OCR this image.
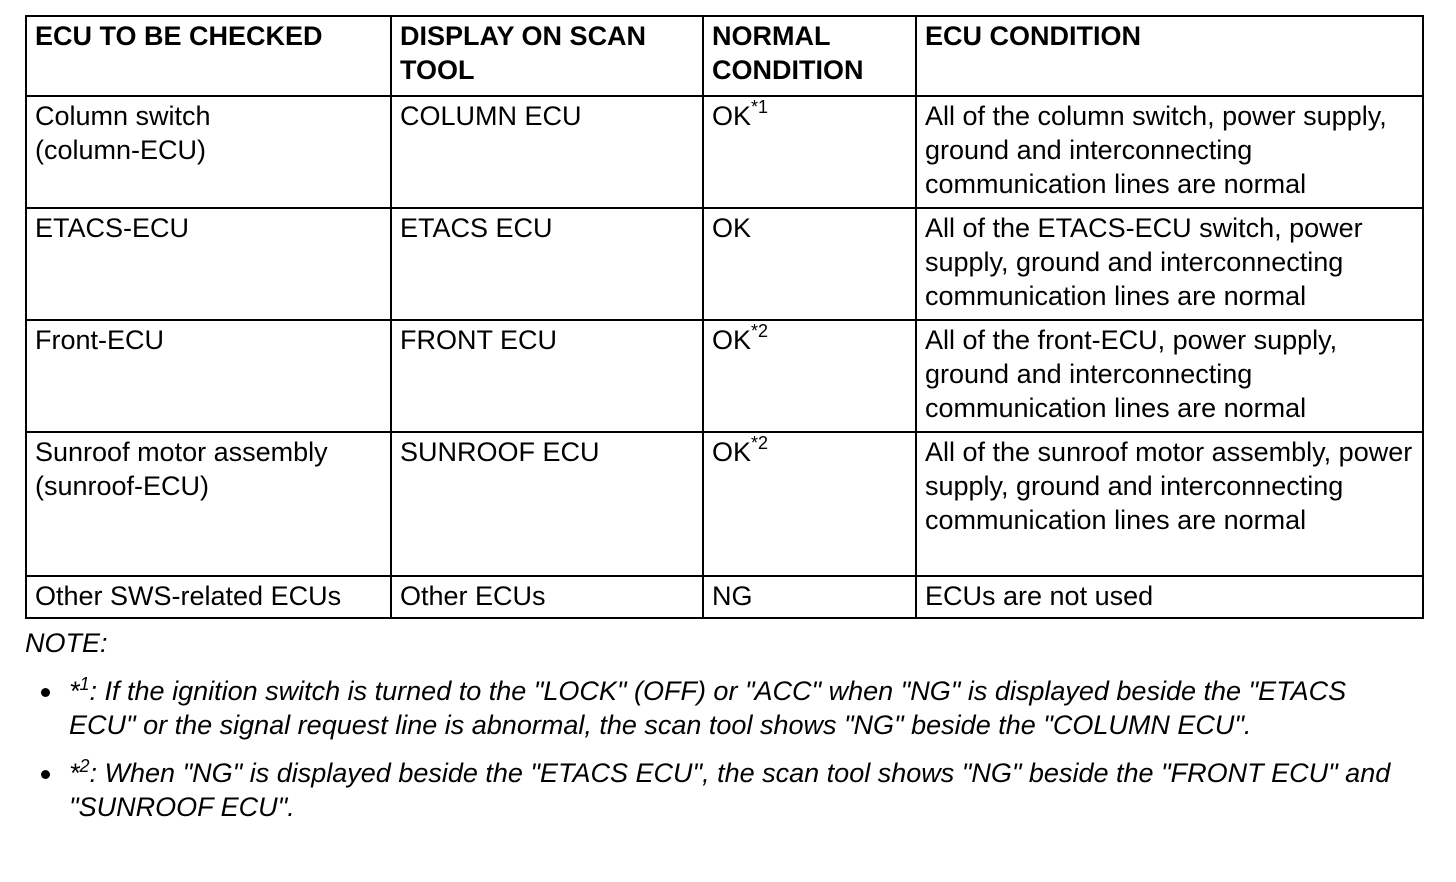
ECU TO BE CHECKED	DISPLAY ON SCAN TOOL	NORMAL CONDITION	ECU CONDITION
Column switch (column-ECU)	COLUMN ECU	OK$^{*1}$	All of the column switch, power supply, ground and interconnecting communication lines are normal
ETACS-ECU	ETACS ECU	OK	All of the ETACS-ECU switch, power supply, ground and interconnecting communication lines are normal
Front-ECU	FRONT ECU	OK$^{*2}$	All of the front-ECU, power supply, ground and interconnecting communication lines are normal
Sunroof motor assembly (sunroof-ECU)	SUNROOF ECU	OK$^{*2}$	All of the sunroof motor assembly, power supply, ground and interconnecting communication lines are normal
Other SWS-related ECUs	Other ECUs	NG	ECUs are not used
NOTE:
*$^1$: If the ignition switch is turned to the "LOCK" (OFF) or "ACC" when "NG" is displayed beside the "ETACS ECU" or the signal request line is abnormal, the scan tool shows "NG" beside the "COLUMN ECU".
*$^2$: When "NG" is displayed beside the "ETACS ECU", the scan tool shows "NG" beside the "FRONT ECU" and "SUNROOF ECU".
